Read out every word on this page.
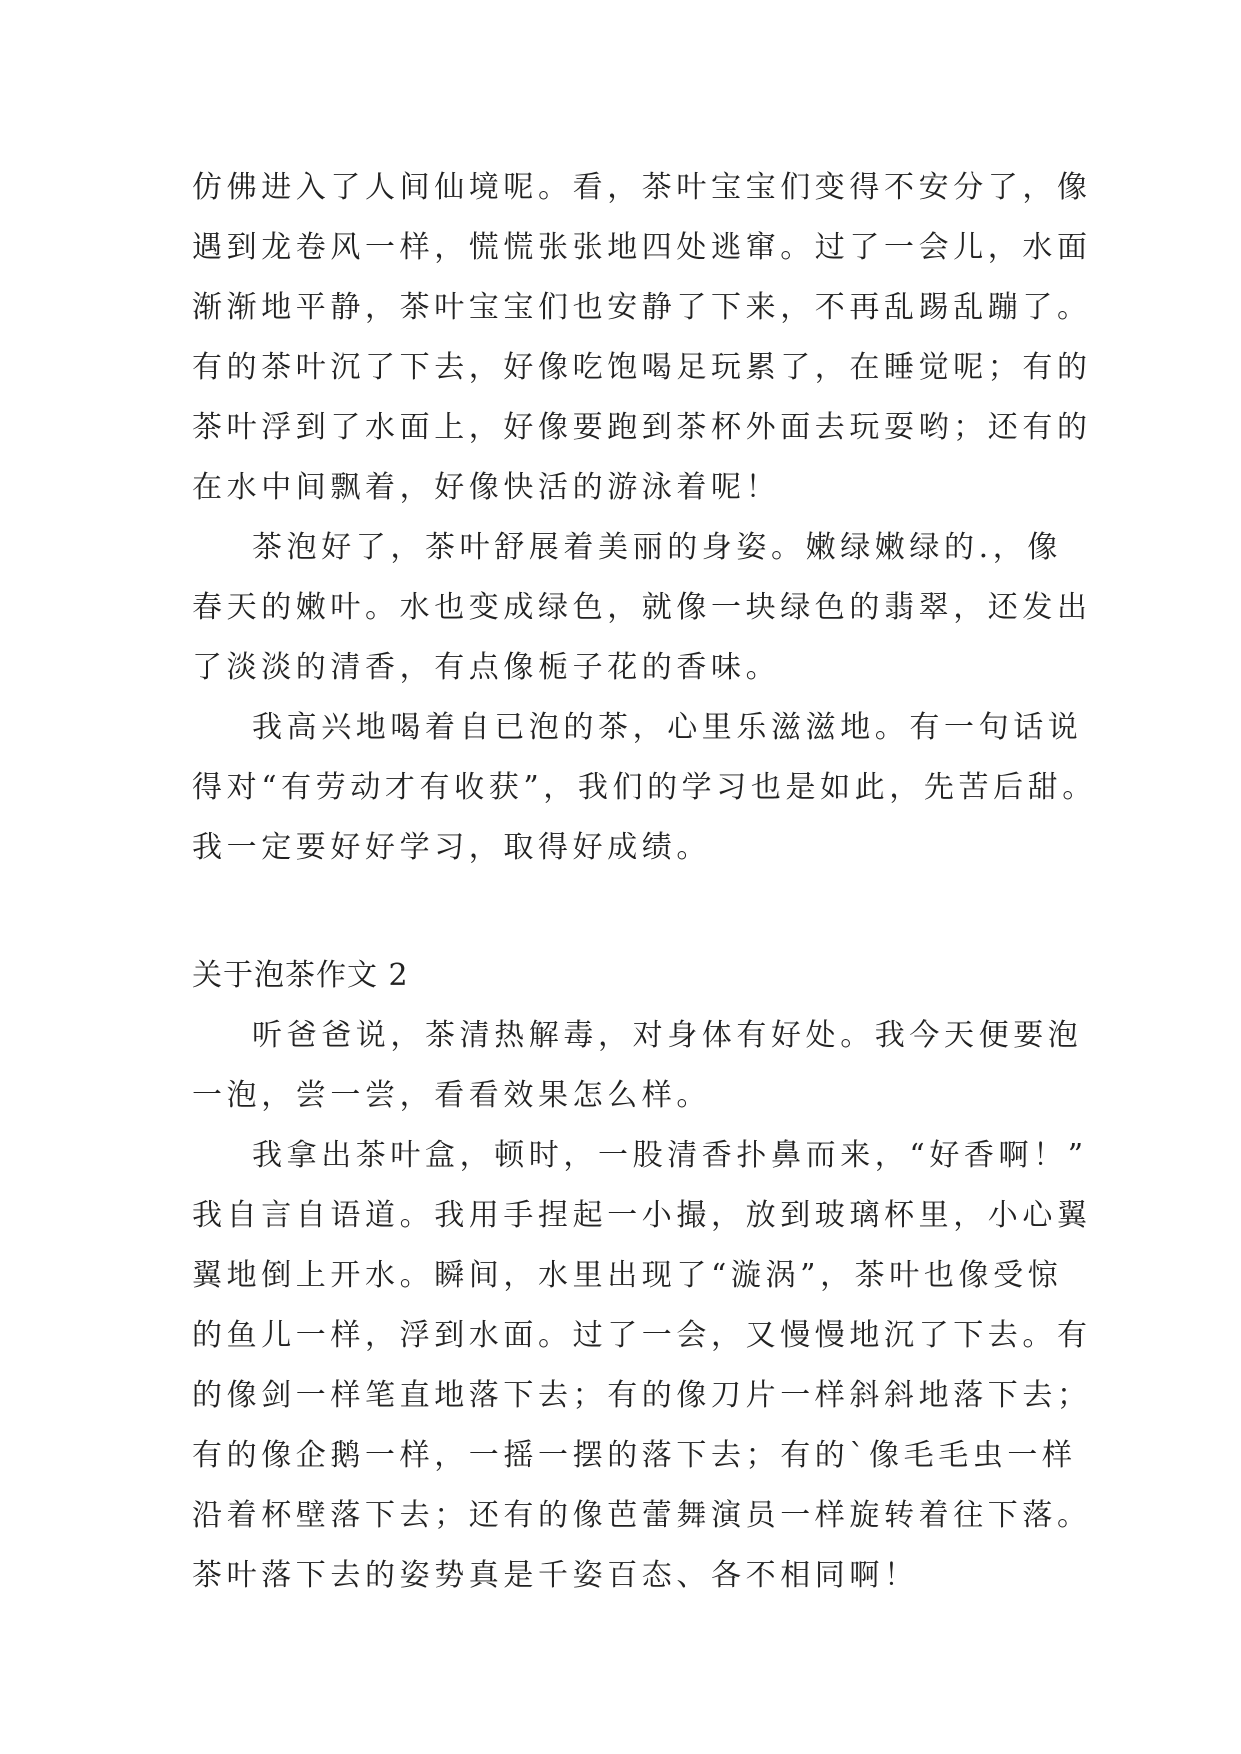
仿佛进入了人间仙境呢。看，茶叶宝宝们变得不安分了，像
遇到龙卷风一样，慌慌张张地四处逃窜。过了一会儿，水面
渐渐地平静，茶叶宝宝们也安静了下来，不再乱踢乱蹦了。
有的茶叶沉了下去，好像吃饱喝足玩累了，在睡觉呢；有的
茶叶浮到了水面上，好像要跑到茶杯外面去玩耍哟；还有的
在水中间飘着，好像快活的游泳着呢！
茶泡好了，茶叶舒展着美丽的身姿。嫩绿嫩绿的.，像
春天的嫩叶。水也变成绿色，就像一块绿色的翡翠，还发出
了淡淡的清香，有点像栀子花的香味。
我高兴地喝着自已泡的茶，心里乐滋滋地。有一句话说
得对“有劳动才有收获”，我们的学习也是如此，先苦后甜。
我一定要好好学习，取得好成绩。
关于泡茶作文 2
听爸爸说，茶清热解毒，对身体有好处。我今天便要泡
一泡，尝一尝，看看效果怎么样。
我拿出茶叶盒，顿时，一股清香扑鼻而来，“好香啊！”
我自言自语道。我用手捏起一小撮，放到玻璃杯里，小心翼
翼地倒上开水。瞬间，水里出现了“漩涡”，茶叶也像受惊
的鱼儿一样，浮到水面。过了一会，又慢慢地沉了下去。有
的像剑一样笔直地落下去；有的像刀片一样斜斜地落下去；
有的像企鹅一样，一摇一摆的落下去；有的`像毛毛虫一样
沿着杯壁落下去；还有的像芭蕾舞演员一样旋转着往下落。
茶叶落下去的姿势真是千姿百态、各不相同啊！
